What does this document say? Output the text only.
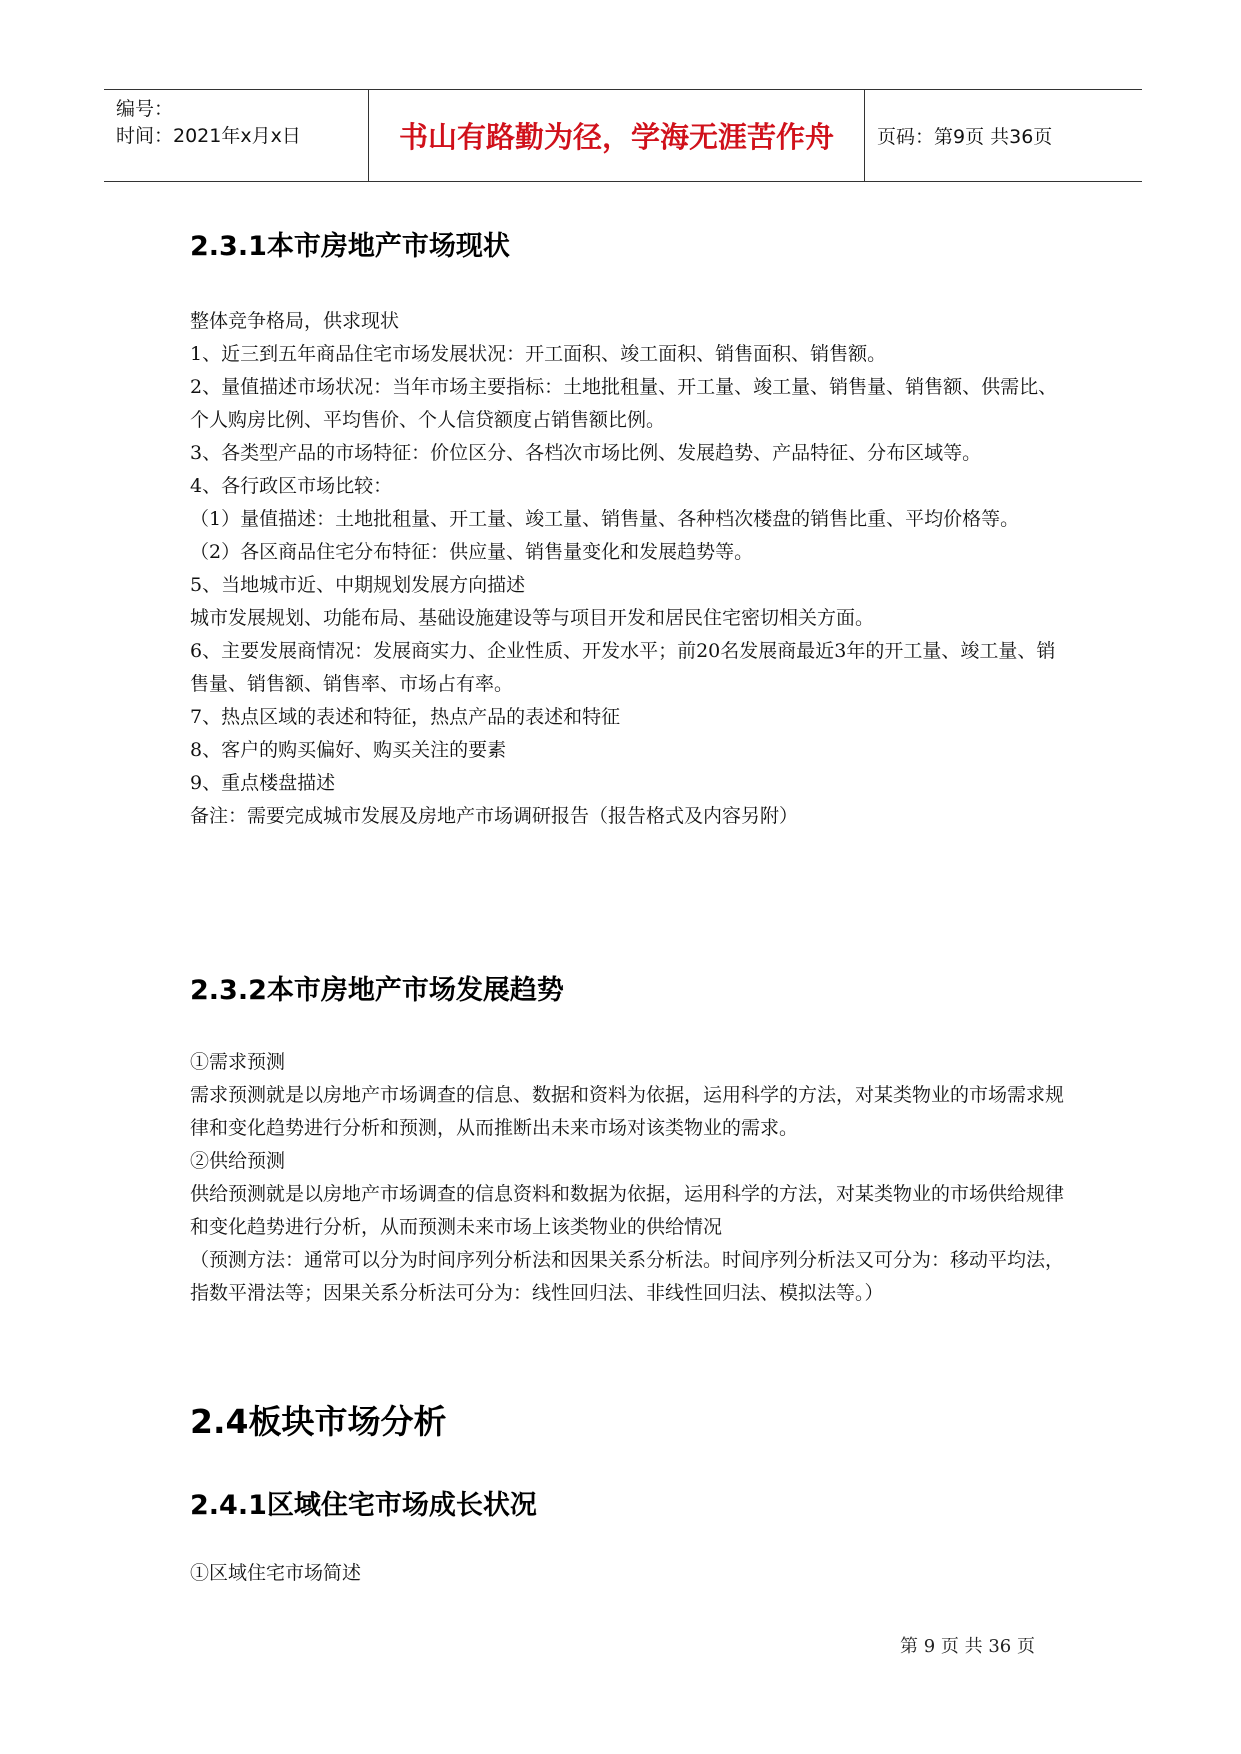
编号：
时间：2021年x月x日	书山有路勤为径，学海无涯苦作舟 页码：第9页 共36页
2.3.1本市房地产市场现状

整体竞争格局，供求现状

1、近三到五年商品住宅市场发展状况：开工面积、竣工面积、销售面积、销售额。

2、量值描述市场状况：当年市场主要指标：土地批租量、开工量、竣工量、销售量、销售额、供需比、个人购房比例、平均售价、个人信贷额度占销售额比例。

3、各类型产品的市场特征：价位区分、各档次市场比例、发展趋势、产品特征、分布区域等。

4、各行政区市场比较：

（1）量值描述：土地批租量、开工量、竣工量、销售量、各种档次楼盘的销售比重、平均价格等。

（2）各区商品住宅分布特征：供应量、销售量变化和发展趋势等。

5、当地城市近、中期规划发展方向描述

城市发展规划、功能布局、基础设施建设等与项目开发和居民住宅密切相关方面。

6、主要发展商情况：发展商实力、企业性质、开发水平；前20名发展商最近3年的开工量、竣工量、销售量、销售额、销售率、市场占有率。

7、热点区域的表述和特征，热点产品的表述和特征

8、客户的购买偏好、购买关注的要素

9、重点楼盘描述

备注：需要完成城市发展及房地产市场调研报告（报告格式及内容另附）

2.3.2本市房地产市场发展趋势

①需求预测

需求预测就是以房地产市场调查的信息、数据和资料为依据，运用科学的方法，对某类物业的市场需求规律和变化趋势进行分析和预测，从而推断出未来市场对该类物业的需求。

②供给预测

供给预测就是以房地产市场调查的信息资料和数据为依据，运用科学的方法，对某类物业的市场供给规律和变化趋势进行分析，从而预测未来市场上该类物业的供给情况

（预测方法：通常可以分为时间序列分析法和因果关系分析法。时间序列分析法又可分为：移动平均法，指数平滑法等；因果关系分析法可分为：线性回归法、非线性回归法、模拟法等。）

2.4板块市场分析
2.4.1区域住宅市场成长状况

①区域住宅市场简述

第 9 页 共 36 页
